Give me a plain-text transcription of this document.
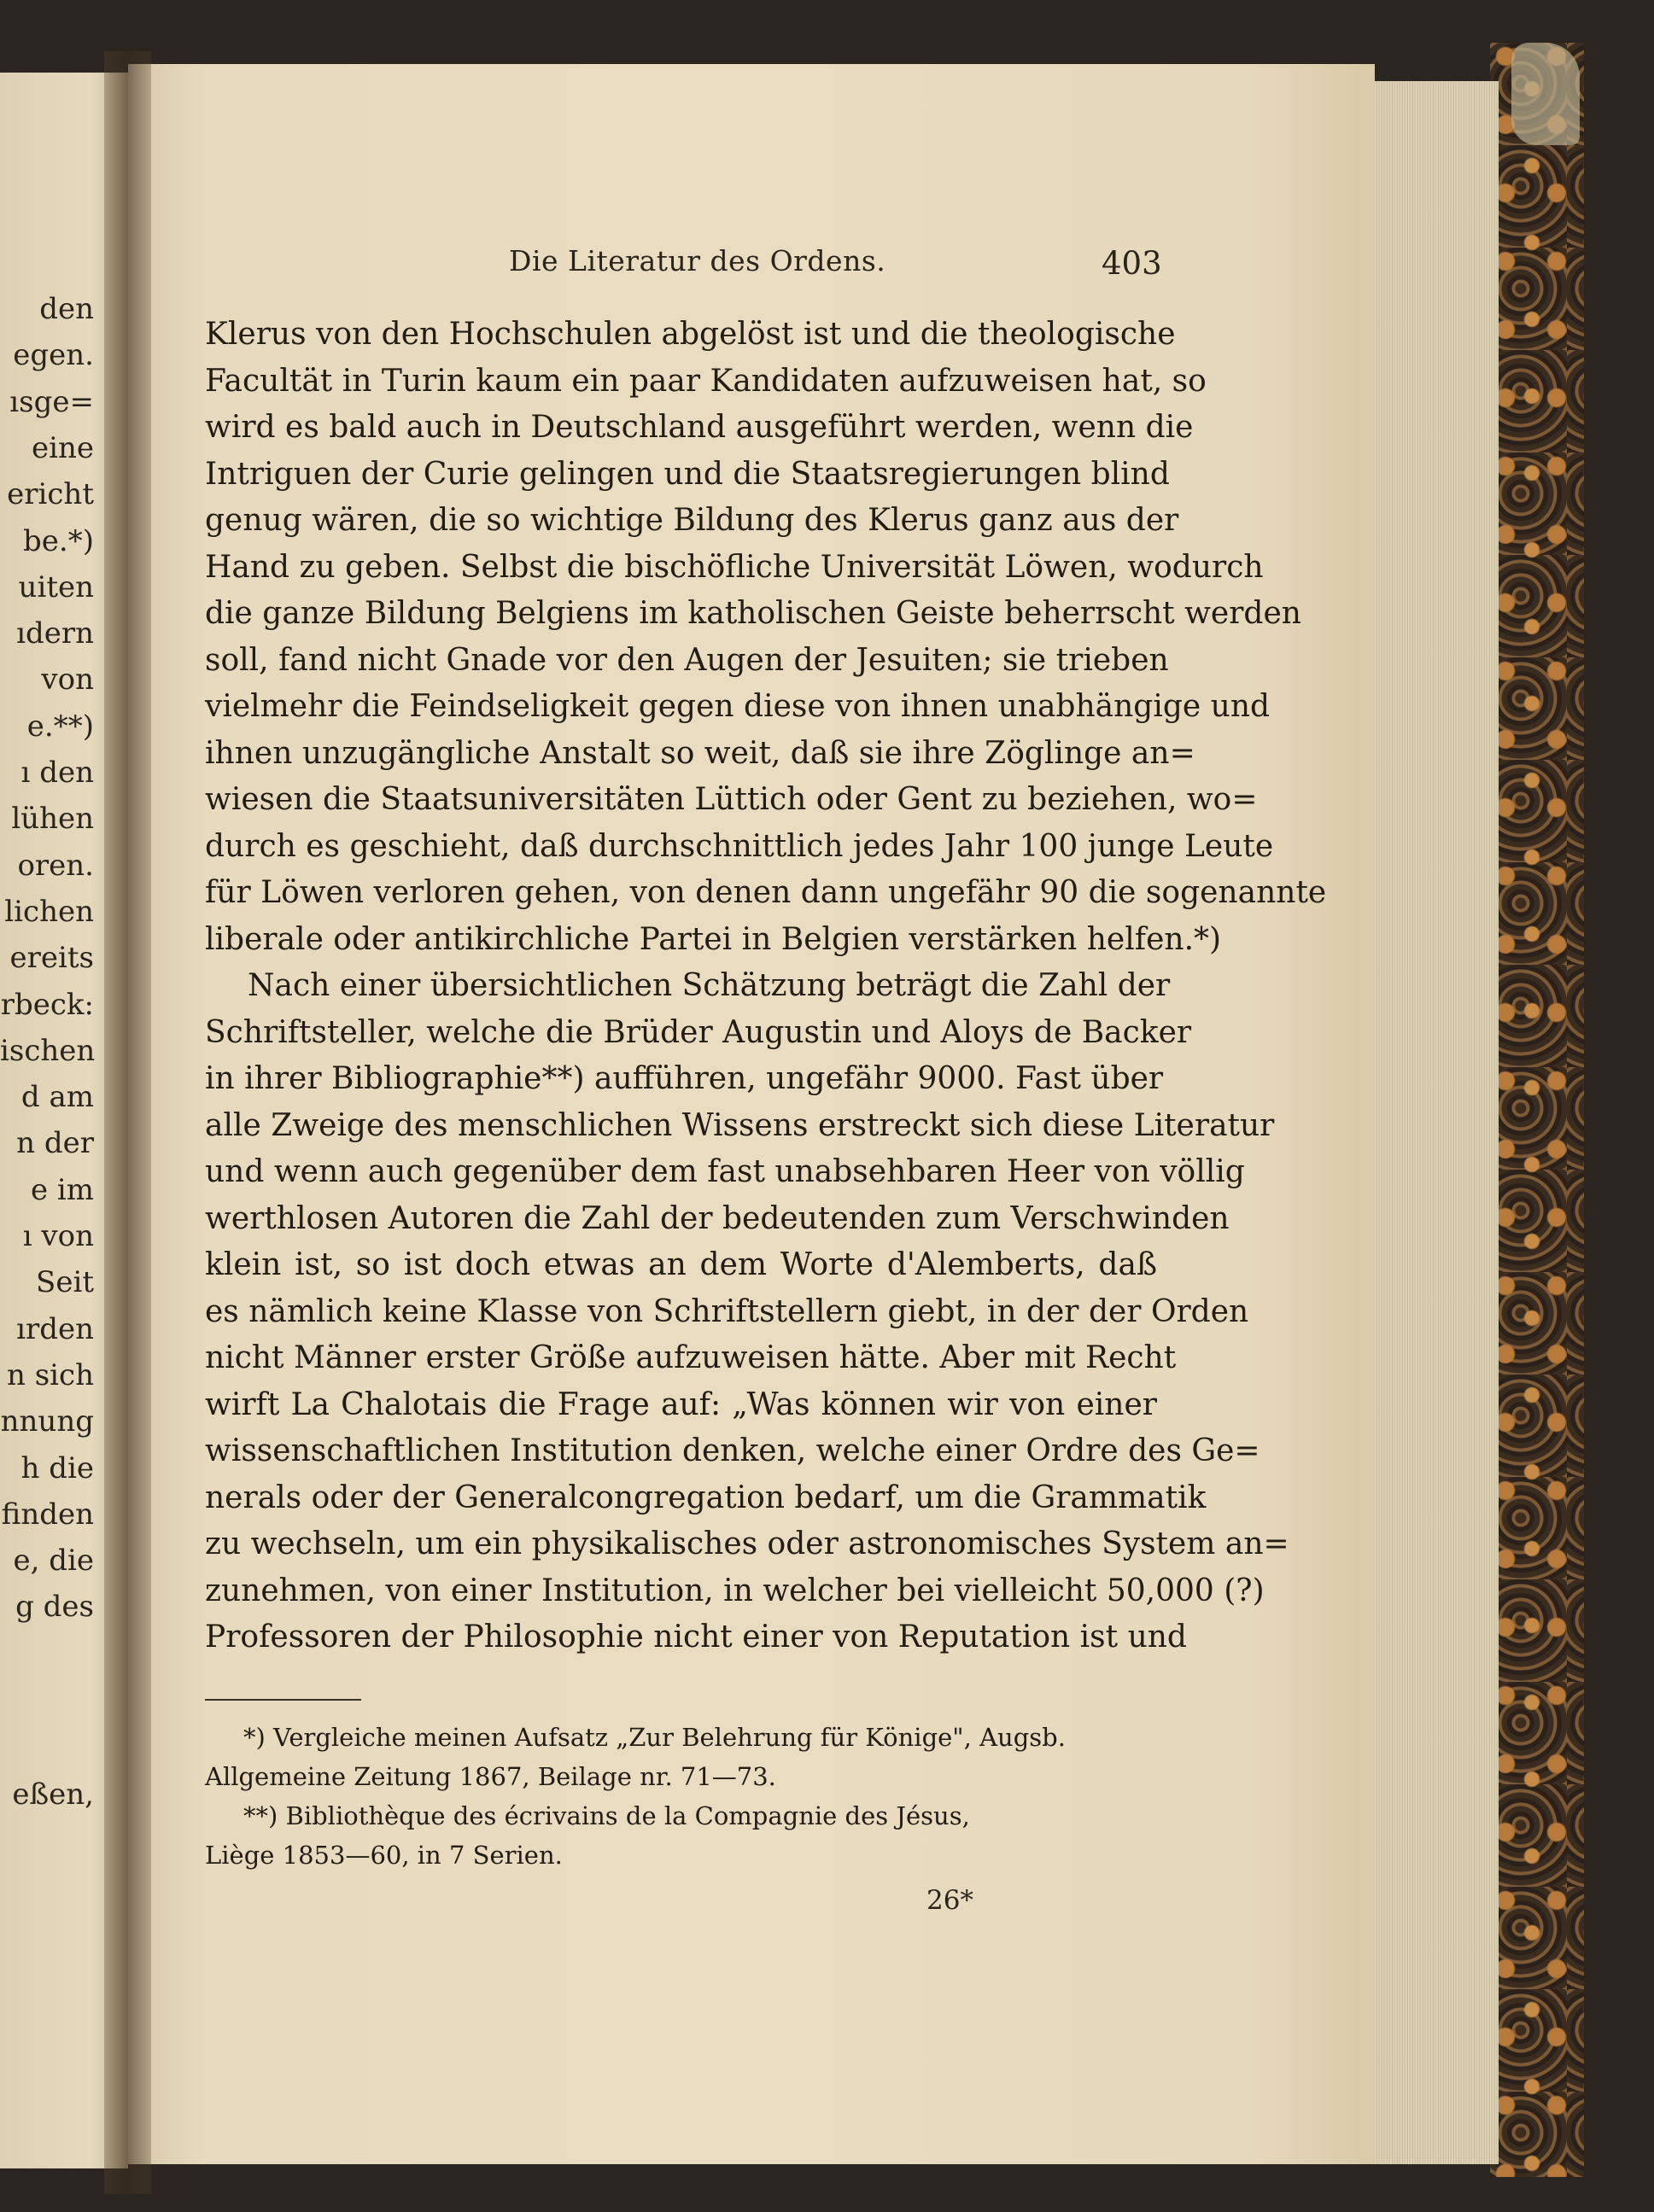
den
egen.
ısge=
eine
ericht
be.*)
uiten
ıdern
von
e.**)
ı den
lühen
oren.
lichen
ereits
rbeck:
ischen
d am
n der
e im
ı von
Seit
ırden
n sich
nnung
h die
finden
e, die
g des
eßen,
Die Literatur des Ordens.	403
Klerus von den Hochschulen abgelöst ist und die theologische
Facultät in Turin kaum ein paar Kandidaten aufzuweisen hat, so
wird es bald auch in Deutschland ausgeführt werden, wenn die
Intriguen der Curie gelingen und die Staatsregierungen blind
genug wären, die so wichtige Bildung des Klerus ganz aus der
Hand zu geben. Selbst die bischöfliche Universität Löwen, wodurch
die ganze Bildung Belgiens im katholischen Geiste beherrscht werden
soll, fand nicht Gnade vor den Augen der Jesuiten; sie trieben
vielmehr die Feindseligkeit gegen diese von ihnen unabhängige und
ihnen unzugängliche Anstalt so weit, daß sie ihre Zöglinge an=
wiesen die Staatsuniversitäten Lüttich oder Gent zu beziehen, wo=
durch es geschieht, daß durchschnittlich jedes Jahr 100 junge Leute
für Löwen verloren gehen, von denen dann ungefähr 90 die sogenannte
liberale oder antikirchliche Partei in Belgien verstärken helfen.*)
Nach einer übersichtlichen Schätzung beträgt die Zahl der
Schriftsteller, welche die Brüder Augustin und Aloys de Backer
in ihrer Bibliographie**) aufführen, ungefähr 9000. Fast über
alle Zweige des menschlichen Wissens erstreckt sich diese Literatur
und wenn auch gegenüber dem fast unabsehbaren Heer von völlig
werthlosen Autoren die Zahl der bedeutenden zum Verschwinden
klein ist, so ist doch etwas an dem Worte d'Alemberts, daß
es nämlich keine Klasse von Schriftstellern giebt, in der der Orden
nicht Männer erster Größe aufzuweisen hätte. Aber mit Recht
wirft La Chalotais die Frage auf: „Was können wir von einer
wissenschaftlichen Institution denken, welche einer Ordre des Ge=
nerals oder der Generalcongregation bedarf, um die Grammatik
zu wechseln, um ein physikalisches oder astronomisches System an=
zunehmen, von einer Institution, in welcher bei vielleicht 50,000 (?)
Professoren der Philosophie nicht einer von Reputation ist und
*) Vergleiche meinen Aufsatz „Zur Belehrung für Könige", Augsb.
Allgemeine Zeitung 1867, Beilage nr. 71—73.
**) Bibliothèque des écrivains de la Compagnie des Jésus,
Liège 1853—60, in 7 Serien.
26*
